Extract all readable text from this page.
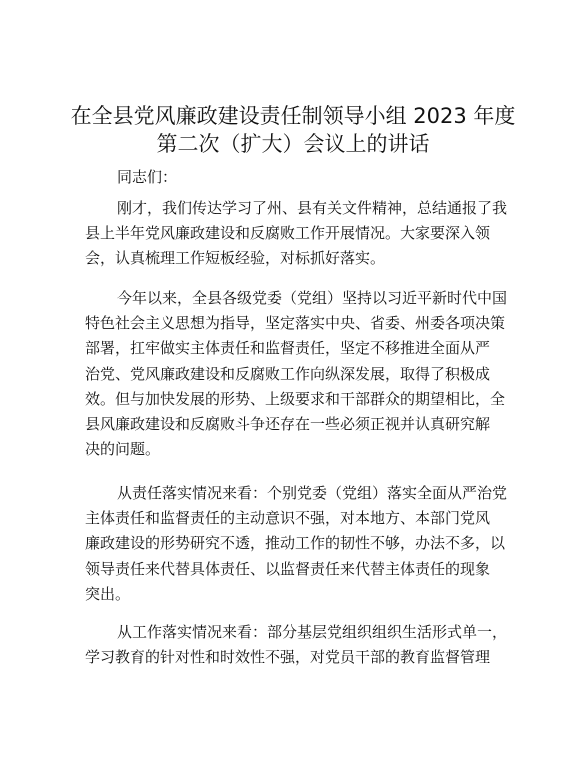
在全县党风廉政建设责任制领导小组 2023 年度
第二次（扩大）会议上的讲话

同志们：

刚才，我们传达学习了州、县有关文件精神，总结通报了我
县上半年党风廉政建设和反腐败工作开展情况。大家要深入领
会，认真梳理工作短板经验，对标抓好落实。

今年以来，全县各级党委（党组）坚持以习近平新时代中国
特色社会主义思想为指导，坚定落实中央、省委、州委各项决策
部署，扛牢做实主体责任和监督责任，坚定不移推进全面从严
治党、党风廉政建设和反腐败工作向纵深发展，取得了积极成
效。但与加快发展的形势、上级要求和干部群众的期望相比，全
县风廉政建设和反腐败斗争还存在一些必须正视并认真研究解
决的问题。

从责任落实情况来看：个别党委（党组）落实全面从严治党
主体责任和监督责任的主动意识不强，对本地方、本部门党风
廉政建设的形势研究不透，推动工作的韧性不够，办法不多，以
领导责任来代替具体责任、以监督责任来代替主体责任的现象
突出。

从工作落实情况来看：部分基层党组织组织生活形式单一，
学习教育的针对性和时效性不强，对党员干部的教育监督管理
